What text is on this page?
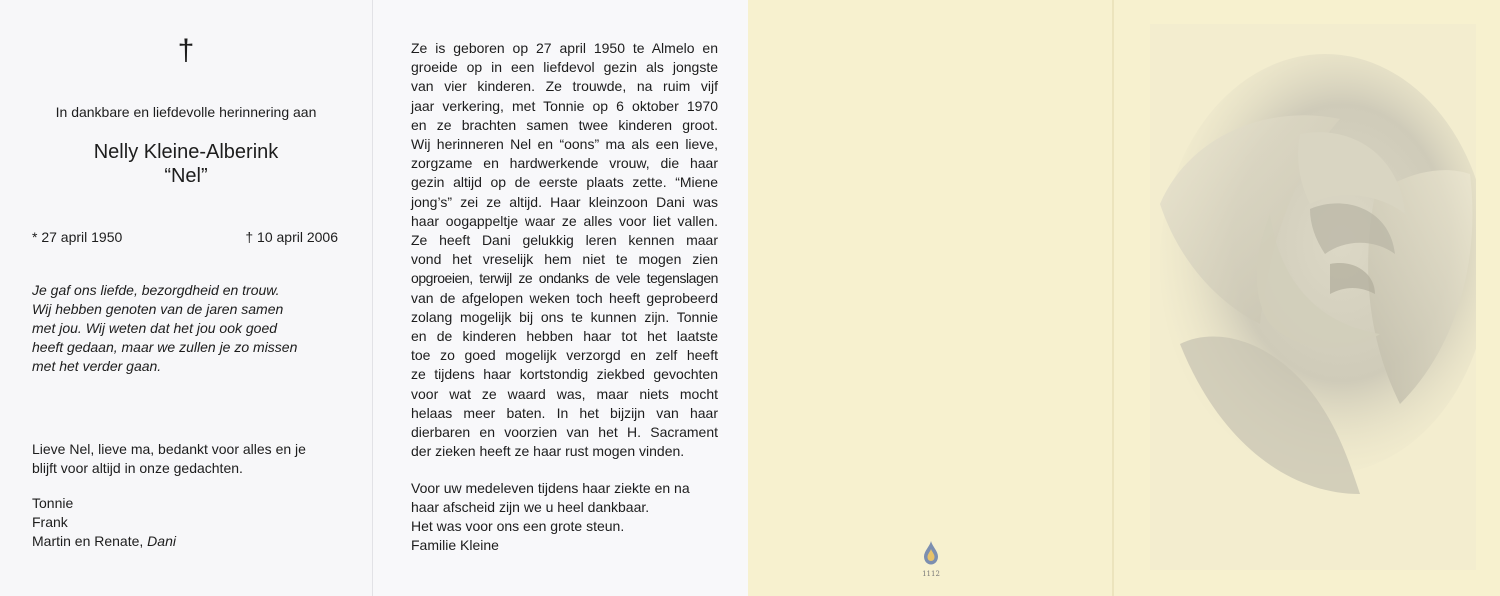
†
In dankbare en liefdevolle herinnering aan
Nelly Kleine-Alberink
“Nel”
* 27 april 1950	† 10 april 2006
Je gaf ons liefde, bezorgdheid en trouw.
Wij hebben genoten van de jaren samen
met jou. Wij weten dat het jou ook goed
heeft gedaan, maar we zullen je zo missen
met het verder gaan.
Lieve Nel, lieve ma, bedankt voor alles en je
blijft voor altijd in onze gedachten.
Tonnie
Frank
Martin en Renate, Dani
Ze is geboren op 27 april 1950 te Almelo en
groeide op in een liefdevol gezin als jongste
van vier kinderen. Ze trouwde, na ruim vijf
jaar verkering, met Tonnie op 6 oktober 1970
en ze brachten samen twee kinderen groot.
Wij herinneren Nel en “oons” ma als een lieve,
zorgzame en hardwerkende vrouw, die haar
gezin altijd op de eerste plaats zette. “Miene
jong’s” zei ze altijd. Haar kleinzoon Dani was
haar oogappeltje waar ze alles voor liet vallen.
Ze heeft Dani gelukkig leren kennen maar
vond het vreselijk hem niet te mogen zien
opgroeien, terwijl ze ondanks de vele tegenslagen
van de afgelopen weken toch heeft geprobeerd
zolang mogelijk bij ons te kunnen zijn. Tonnie
en de kinderen hebben haar tot het laatste
toe zo goed mogelijk verzorgd en zelf heeft
ze tijdens haar kortstondig ziekbed gevochten
voor wat ze waard was, maar niets mocht
helaas meer baten. In het bijzijn van haar
dierbaren en voorzien van het H. Sacrament
der zieken heeft ze haar rust mogen vinden.
Voor uw medeleven tijdens haar ziekte en na
haar afscheid zijn we u heel dankbaar.
Het was voor ons een grote steun.
Familie Kleine
1112
